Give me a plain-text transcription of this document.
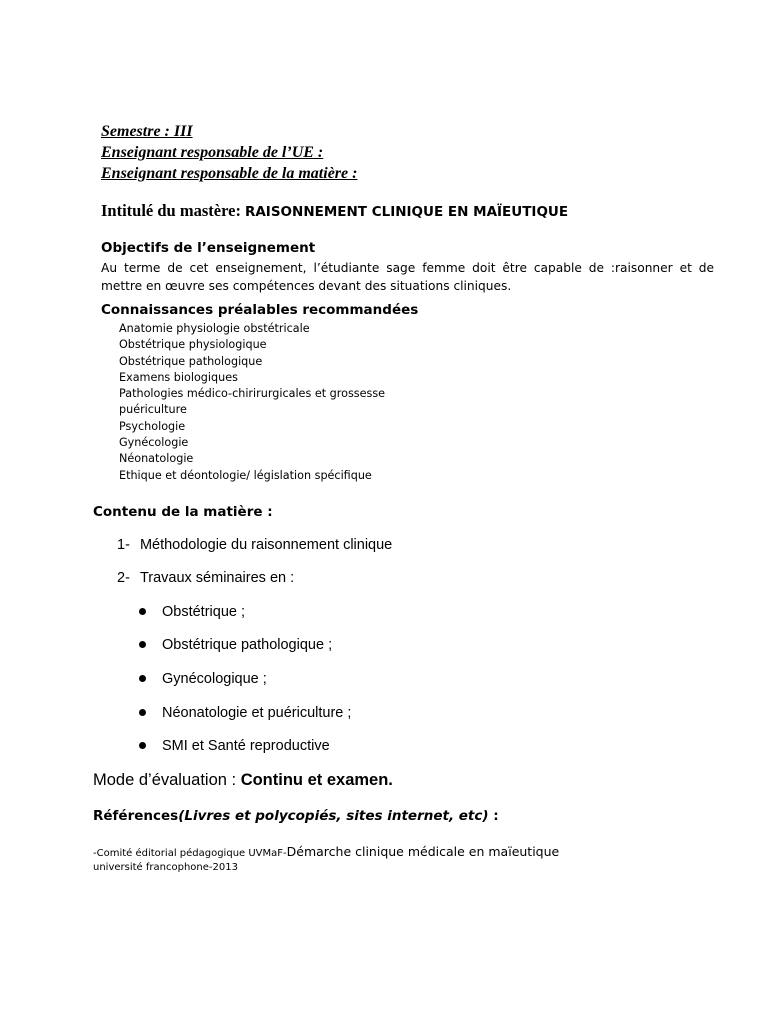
Semestre : III
Enseignant responsable de l’UE :
Enseignant responsable de la matière :
Intitulé du mastère: RAISONNEMENT CLINIQUE EN MAÏEUTIQUE
Objectifs de l’enseignement
Au terme de cet enseignement, l’étudiante sage femme doit être capable de :raisonner et de mettre en œuvre ses compétences devant des situations cliniques.
Connaissances préalables recommandées
Anatomie physiologie obstétricale
Obstétrique physiologique
Obstétrique pathologique
Examens biologiques
Pathologies médico-chirirurgicales et grossesse
puériculture
Psychologie
Gynécologie
Néonatologie
Ethique et déontologie/ législation spécifique
Contenu de la matière :
1- Méthodologie du raisonnement clinique
2- Travaux séminaires en :
Obstétrique ;
Obstétrique pathologique ;
Gynécologique ;
Néonatologie et puériculture ;
SMI et Santé reproductive
Mode d’évaluation : Continu et examen.
Références(Livres et polycopiés, sites internet, etc) :
-Comité éditorial pédagogique UVMaF-Démarche clinique médicale en maïeutique
université francophone-2013
